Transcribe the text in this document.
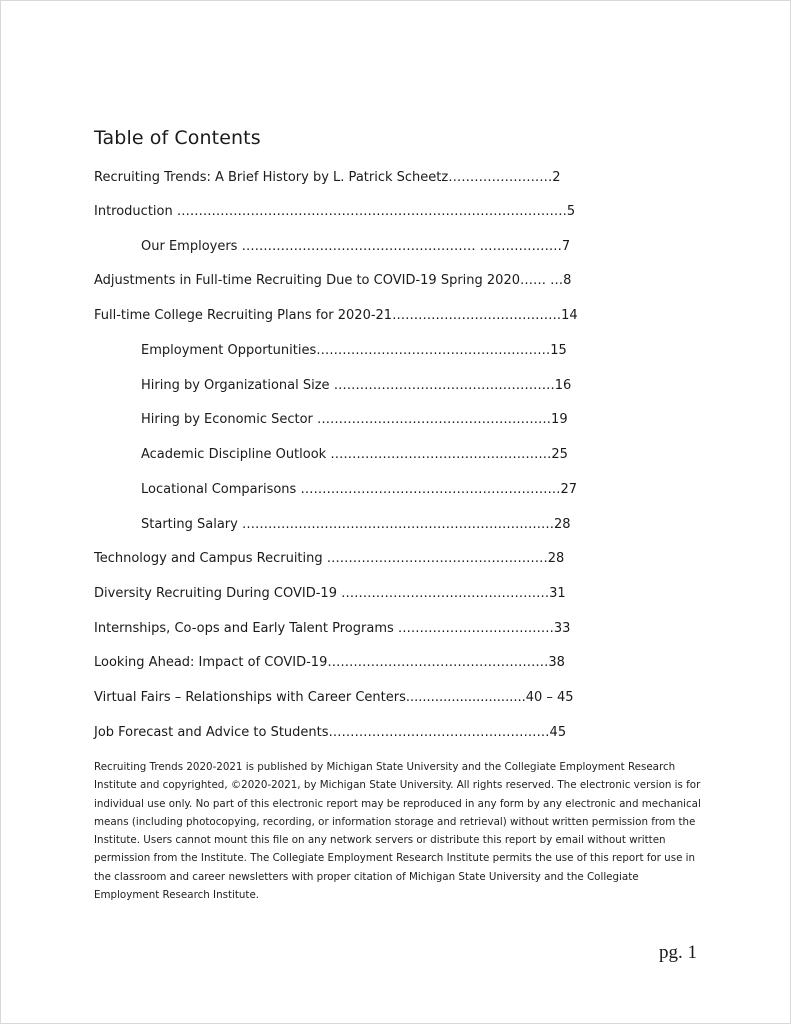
Table of Contents
Recruiting Trends: A Brief History by L. Patrick Scheetz……………………2
Introduction ………………………………………………………………………………5
Our Employers ……………………………………………… .………………7
Adjustments in Full-time Recruiting Due to COVID-19 Spring 2020…… …8
Full-time College Recruiting Plans for 2020-21…………………………………14
Employment Opportunities………………………………………………15
Hiring by Organizational Size ……………………………………………16
Hiring by Economic Sector ………………………………………………19
Academic Discipline Outlook ……………………………………………25
Locational Comparisons ……………………………………………………27
Starting Salary ………………………………………………………………28
Technology and Campus Recruiting ……………………………………………28
Diversity Recruiting During COVID-19 …………………………………………31
Internships, Co-ops and Early Talent Programs ………………………………33
Looking Ahead: Impact of COVID-19……………………………………………38
Virtual Fairs – Relationships with Career Centers.............................40 – 45
Job Forecast and Advice to Students……………………………………………45

Recruiting Trends 2020-2021 is published by Michigan State University and the Collegiate Employment Research Institute and copyrighted, ©2020-2021, by Michigan State University. All rights reserved. The electronic version is for individual use only. No part of this electronic report may be reproduced in any form by any electronic and mechanical means (including photocopying, recording, or information storage and retrieval) without written permission from the Institute. Users cannot mount this file on any network servers or distribute this report by email without written permission from the Institute. The Collegiate Employment Research Institute permits the use of this report for use in the classroom and career newsletters with proper citation of Michigan State University and the Collegiate Employment Research Institute.

pg. 1
